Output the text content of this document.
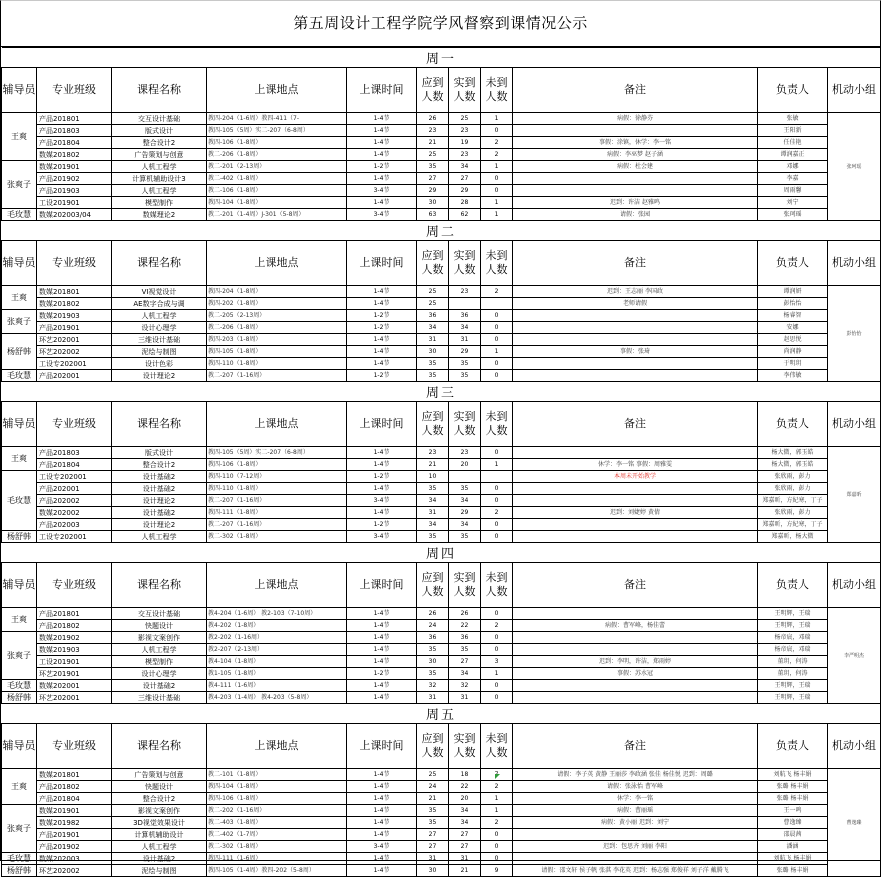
第五周设计工程学院学风督察到课情况公示
周一										
辅导员	专业班级	课程名称	上课地点	上课时间	应到人数	实到人数	未到人数	备注	负责人	机动小组
王爽	产品201801	交互设计基础	教四-204（1-6周）教四-411（7-	1-4节	26	25	1	病假：徐静芬	张敏	张珂瑶
	产品201803	版式设计	教四-105（5周）实二-207（6-8周）	1-4节	23	23	0		王阳新	
	产品201804	整合设计2	教四-106（1-8周）	1-4节	21	19	2	事假：涂镇，休学：李一铭	任佳艳	
	数媒201802	广告策划与创意	教二-206（1-8周）	1-4节	25	23	2	病假：李巫梦 赵子涵	谭润嘉正	
张爽子	数媒201901	人机工程学	教二-201（2-13周）	1-2节	35	34	1	病假：杜会建	邓娜	
	产品201902	计算机辅助设计3	教二-402（1-8周）	1-4节	27	27	0		李嘉	
	产品201903	人机工程学	教二-106（1-8周）	3-4节	29	29	0		周雨馨	
	工设201901	模型制作	教四-104（1-8周）	1-4节	30	28	1	迟到：许洁 赵雅鸣	刘宁	
毛玫慧	数媒202003/04	数媒理论2	教二-201（1-4周）J-301（5-8周）	3-4节	63	62	1	请假：张园	张珂瑶	
周二										
辅导员	专业班级	课程名称	上课地点	上课时间	应到人数	实到人数	未到人数	备注	负责人	机动小组
王爽	数媒201801	VI视觉设计	教四-204（1-8周）	1-4节	25	23	2	迟到：王志丽 李国政	谭润妍	彭怡怡
	数媒201802	AE数字合成与调	教四-202（1-8周）	1-4节	25			老师请假	彭怡怡	
张爽子	数媒201903	人机工程学	教二-205（2-13周）	1-2节	36	36	0		杨睿智	
	产品201901	设计心理学	教二-206（1-8周）	1-2节	34	34	0		安娜	
杨舒韩	环艺202001	三维设计基础	教四-203（1-8周）	1-4节	31	31	0		赵思悦	
	环艺202002	泥绘与制图	教四-105（1-8周）	1-4节	30	29	1	事假：张琦	尚润静	
	工设专202001	设计色彩	教四-110（1-8周）	1-4节	35	35	0		于明玥	
毛玫慧	产品202001	设计理论2	教二-207（1-16周）	1-2节	35	35	0		李伟敏	
周三										
辅导员	专业班级	课程名称	上课地点	上课时间	应到人数	实到人数	未到人数	备注	负责人	机动小组
王爽	产品201803	版式设计	教四-105（5周）实二-207（6-8周）	1-4节	23	23	0		杨大微，郭玉皓	郑嘉昕
	产品201804	整合设计2	教四-106（1-8周）	1-4节	21	20	1	休学：李一铭 事假：周雅雯	杨大微，郭玉皓	
毛玫慧	工设专202001	设计基础2	教四-110（7-12周）	1-2节	10			本周未开始教学	张欣雨，彭力	
	产品202001	设计基础2	教四-110（1-8周）	1-4节	35	35	0		张欣雨，彭力	
	产品202002	设计理论2	教二-207（1-16周）	3-4节	34	34	0		郑嘉昕，方紀寒，丁子	
	数媒202002	设计基础2	教四-111（1-8周）	1-4节	31	29	2	迟到：刘婕婷 黄倩	张欣雨，彭力	
	产品202003	设计理论2	教二-207（1-16周）	1-2节	34	34	0		郑嘉昕，方紀寒，丁子	
杨舒韩	工设专202001	人机工程学	教二-302（1-8周）	3-4节	35	35	0		郑嘉昕，杨大微	
周四										
辅导员	专业班级	课程名称	上课地点	上课时间	应到人数	实到人数	未到人数	备注	负责人	机动小组
王爽	产品201801	交互设计基础	教4-204（1-6周） 教2-103（7-10周）	1-4节	26	26	0		王明辉，王瑞	李严明杰
	产品201802	快题设计	教4-202（1-8周）	1-4节	24	22	2	病假：曹军峰，杨佳蕾	王明辉，王瑞	
张爽子	数媒201902	影视文案创作	教2-202（1-16周）	1-4节	36	36	0		杨帝宸，邓瑞	
	数媒201903	人机工程学	教2-207（2-13周）	1-4节	35	35	0		杨帝宸，邓瑞	
	工设201901	模型制作	教4-104（1-8周）	1-4节	30	27	3	迟到：李明，许洁，郑雨婷	董玥，何涛	
	环艺201901	设计心理学	教1-105（1-8周）	1-2节	35	34	1	事假：苏水冠	董玥，何涛	
毛玫慧	数媒202001	设计基础2	教4-111（1-6周）	1-4节	32	32	0		王明辉，王瑞	
杨舒韩	环艺202001	三维设计基础	教4-203（1-4周） 教4-203（5-8周）	1-4节	31	31	0		王明辉，王瑞	
周五										
辅导员	专业班级	课程名称	上课地点	上课时间	应到人数	实到人数	未到人数	备注	负责人	机动小组
王爽	数媒201801	广告策划与创意	教二-101（1-8周）	1-4节	25	18	7	请假：李子英 黄静 王丽莎 李政涵 张佳 杨佳悦 迟到：周璐	刘航飞 杨丰娟	曹逸臻
	产品201802	快题设计	教四-104（1-8周）	1-4节	24	22	2	请假：张泳怡 曹军峰	张璐 杨丰娟	
	产品201804	整合设计2	教四-106（1-8周）	1-4节	21	20	1	休学：李一铭	张璐 杨丰娟	
张爽子	数媒201901	影视文案创作	教二-202（1-16周）	1-4节	35	34	1	病假：曹丽瑶	王一鸣	
	数媒201982	3D视觉效果设计	教二-403（1-8周）	1-4节	35	34	2	病假：黄小丽 迟到：刘宁	曹逸臻	
	产品201901	计算机辅助设计	教二-402（1-7周）	1-4节	27	27	0		邵晨茜	
	产品201902	人机工程学	教二-302（1-8周）	3-4节	27	27	0	迟到：包思齐 刘丽 李阳	潘涵	
毛玫慧	数媒202003	设计基础2	教四-111（1-6周）	1-4节	31	31	0		刘航飞 杨丰娟	
杨舒韩	环艺202002	泥绘与制图	教四-105（1-4周）教四-202（5-8周）	1-4节	30	21	9	请假：邵文轩 侯子帆 张淇 李花英 迟到：杨志强 郑俊祥 刘子洋 戴腾飞	张璐 杨丰娟	
